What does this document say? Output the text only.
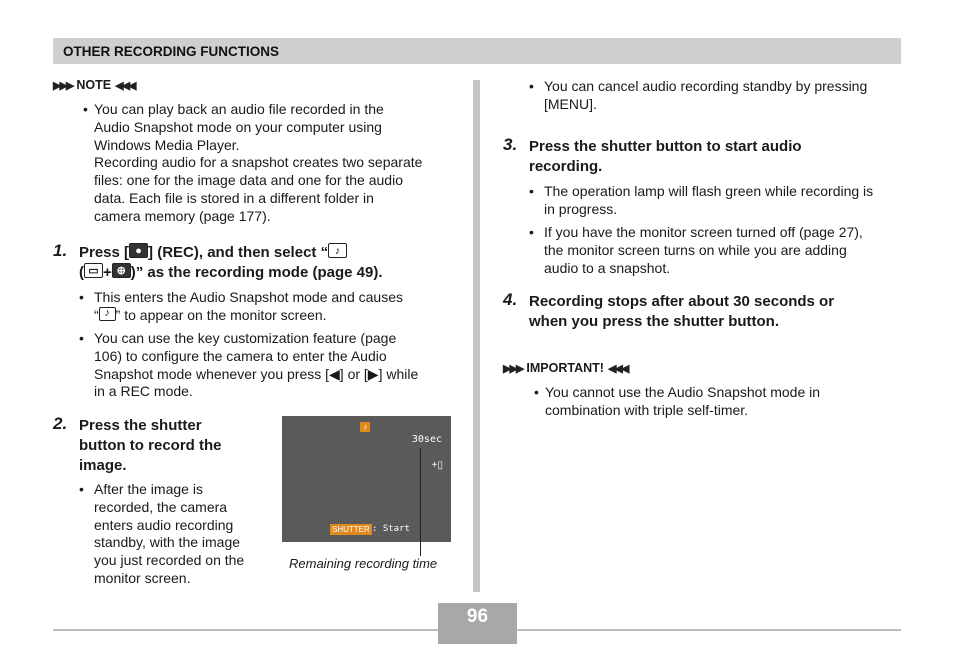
OTHER RECORDING FUNCTIONS
▶▶▶ NOTE ◀◀◀
• You can play back an audio file recorded in the
Audio Snapshot mode on your computer using
Windows Media Player.
Recording audio for a snapshot creates two separate
files: one for the image data and one for the audio
data. Each file is stored in a different folder in
camera memory (page 177).
1. Press [ ● ] (REC), and then select “ ♪
( ▭ + ⊕ )” as the recording mode (page 49).
• This enters the Audio Snapshot mode and causes
“ ♪ ” to appear on the monitor screen.
• You can use the key customization feature (page
106) to configure the camera to enter the Audio
Snapshot mode whenever you press [◀] or [▶] while
in a REC mode.
2. Press the shutter
button to record the
image.
• After the image is
recorded, the camera
enters audio recording
standby, with the image
you just recorded on the
monitor screen.
♪
30sec
+▯
SHUTTER : Start
Remaining recording time
• You can cancel audio recording standby by pressing
[MENU].
3. Press the shutter button to start audio
recording.
• The operation lamp will flash green while recording is
in progress.
• If you have the monitor screen turned off (page 27),
the monitor screen turns on while you are adding
audio to a snapshot.
4. Recording stops after about 30 seconds or
when you press the shutter button.
▶▶▶ IMPORTANT! ◀◀◀
• You cannot use the Audio Snapshot mode in
combination with triple self-timer.
96
